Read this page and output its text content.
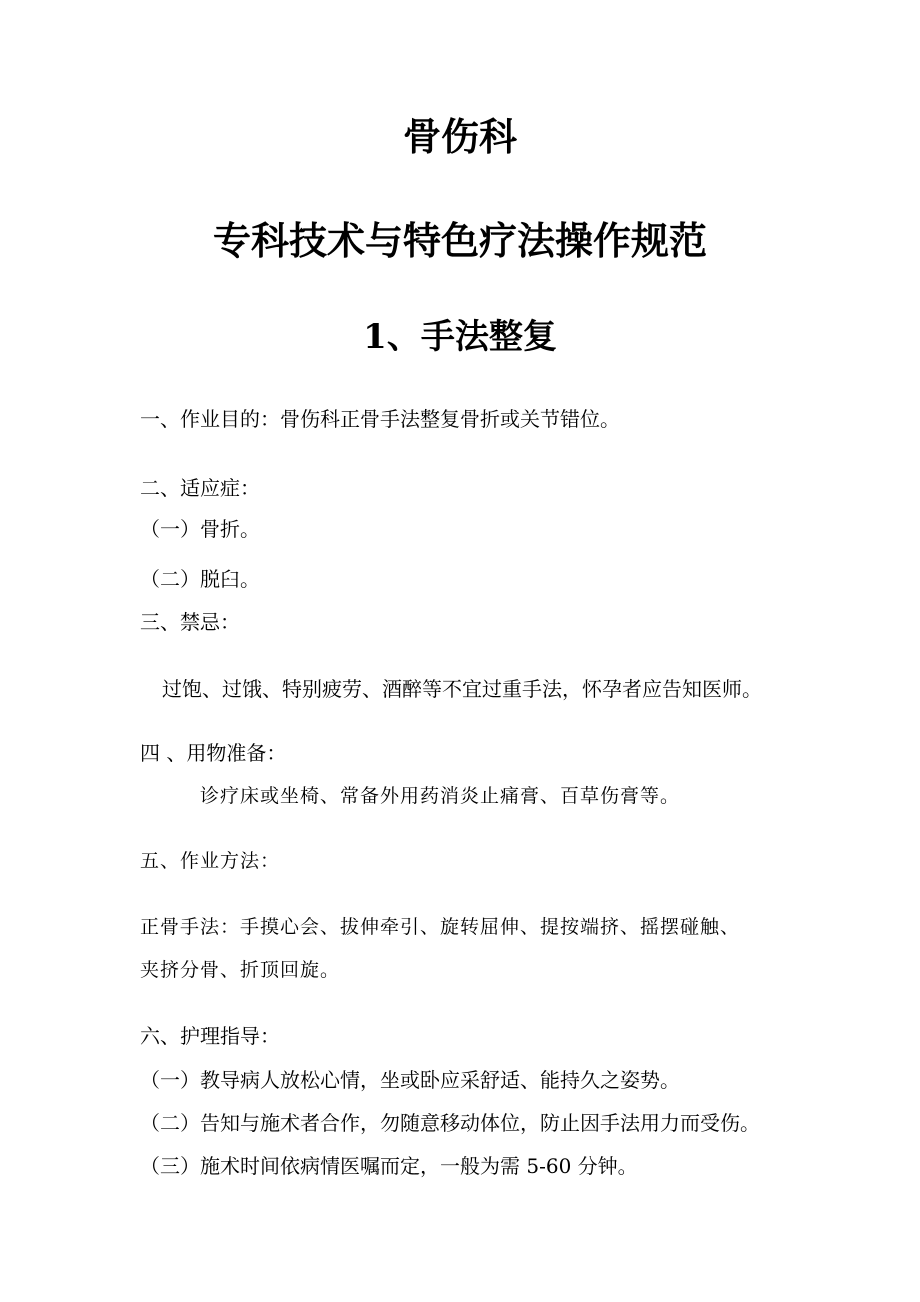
骨伤科
专科技术与特色疗法操作规范
1、手法整复
一、作业目的：骨伤科正骨手法整复骨折或关节错位。
二、适应症：
（一）骨折。
（二）脱臼。
三、禁忌：
过饱、过饿、特别疲劳、酒醉等不宜过重手法，怀孕者应告知医师。
四 、用物准备：
诊疗床或坐椅、常备外用药消炎止痛膏、百草伤膏等。
五、作业方法：
正骨手法：手摸心会、拔伸牵引、旋转屈伸、提按端挤、摇摆碰触、
夹挤分骨、折顶回旋。
六、护理指导：
（一）教导病人放松心情，坐或卧应采舒适、能持久之姿势。
（二）告知与施术者合作，勿随意移动体位，防止因手法用力而受伤。
（三）施术时间依病情医嘱而定，一般为需 5-60 分钟。
